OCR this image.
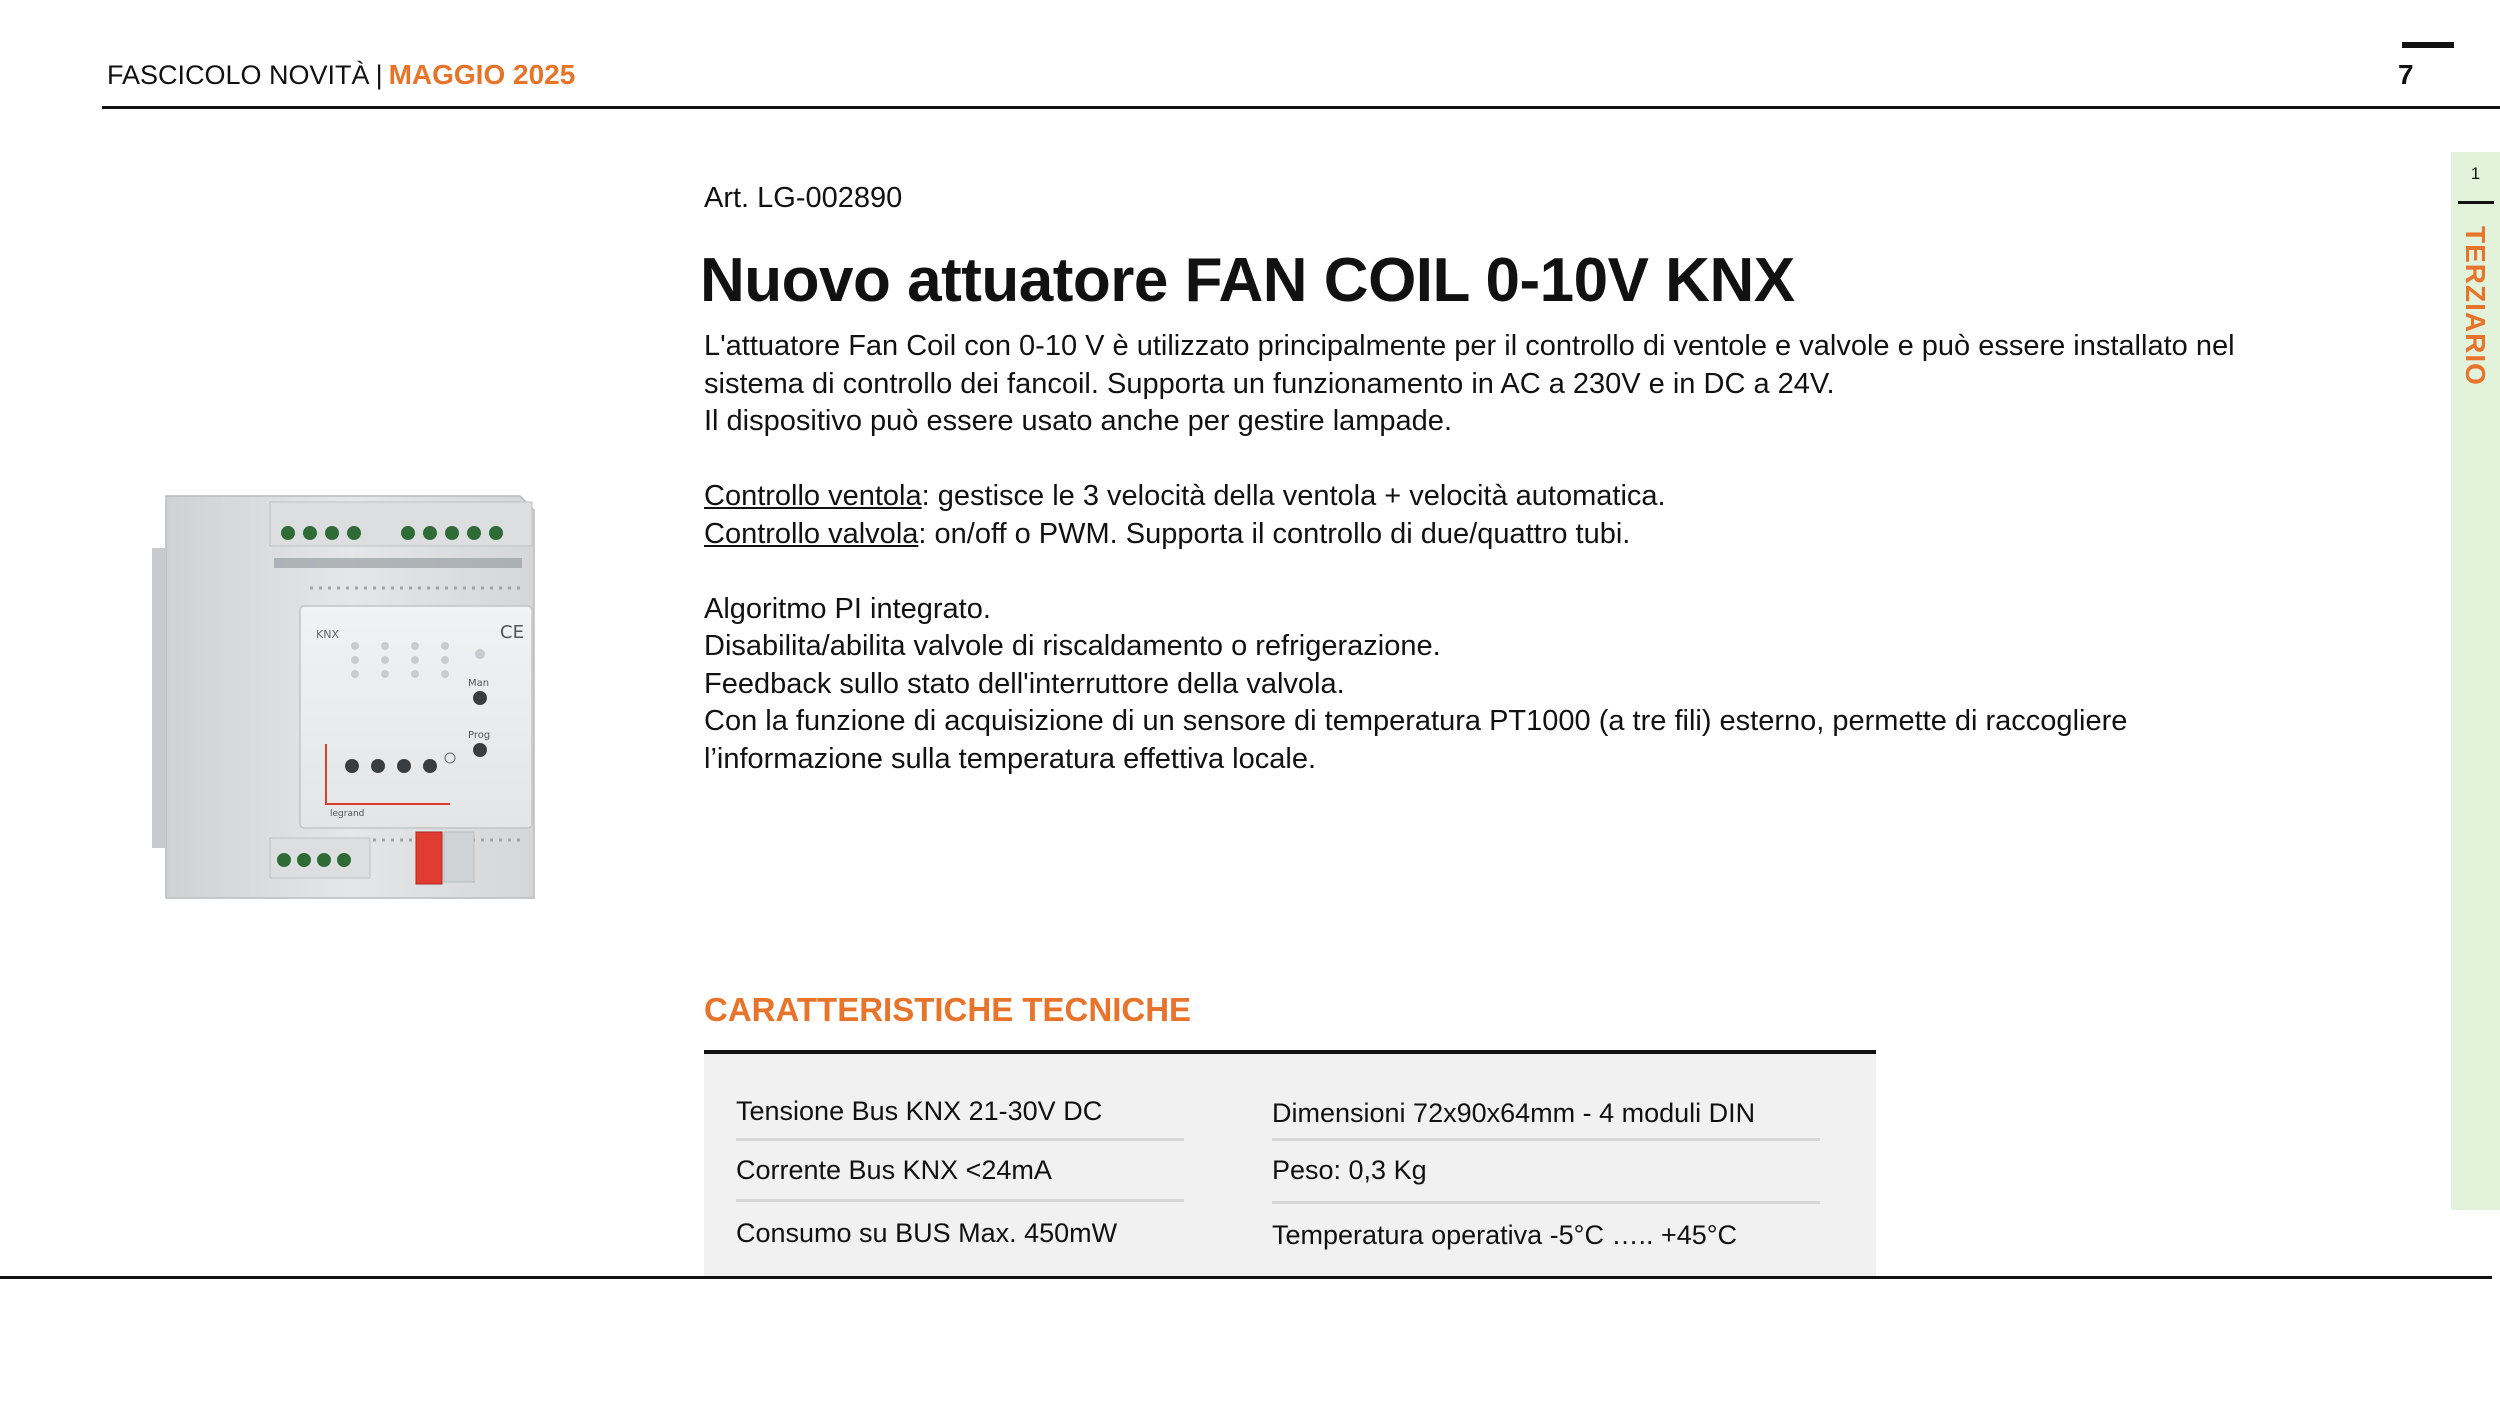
FASCICOLO NOVITÀ | MAGGIO 2025	7
1
TERZIARIO
KNX	CE
Man
Prog
legrand
Art. LG-002890
Nuovo attuatore FAN COIL 0-10V KNX

L'attuatore Fan Coil con 0-10 V è utilizzato principalmente per il controllo di ventole e valvole e può essere installato nel sistema di controllo dei fancoil. Supporta un funzionamento in AC a 230V e in DC a 24V.

Il dispositivo può essere usato anche per gestire lampade.

Controllo ventola: gestisce le 3 velocità della ventola + velocità automatica.

Controllo valvola: on/off o PWM. Supporta il controllo di due/quattro tubi.

Algoritmo PI integrato.

Disabilita/abilita valvole di riscaldamento o refrigerazione.

Feedback sullo stato dell'interruttore della valvola.

Con la funzione di acquisizione di un sensore di temperatura PT1000 (a tre fili) esterno, permette di raccogliere l’informazione sulla temperatura effettiva locale.

CARATTERISTICHE TECNICHE
Tensione Bus KNX 21-30V DC
Corrente Bus KNX <24mA
Consumo su BUS Max. 450mW
Dimensioni 72x90x64mm - 4 moduli DIN
Peso: 0,3 Kg
Temperatura operativa -5°C ….. +45°C
